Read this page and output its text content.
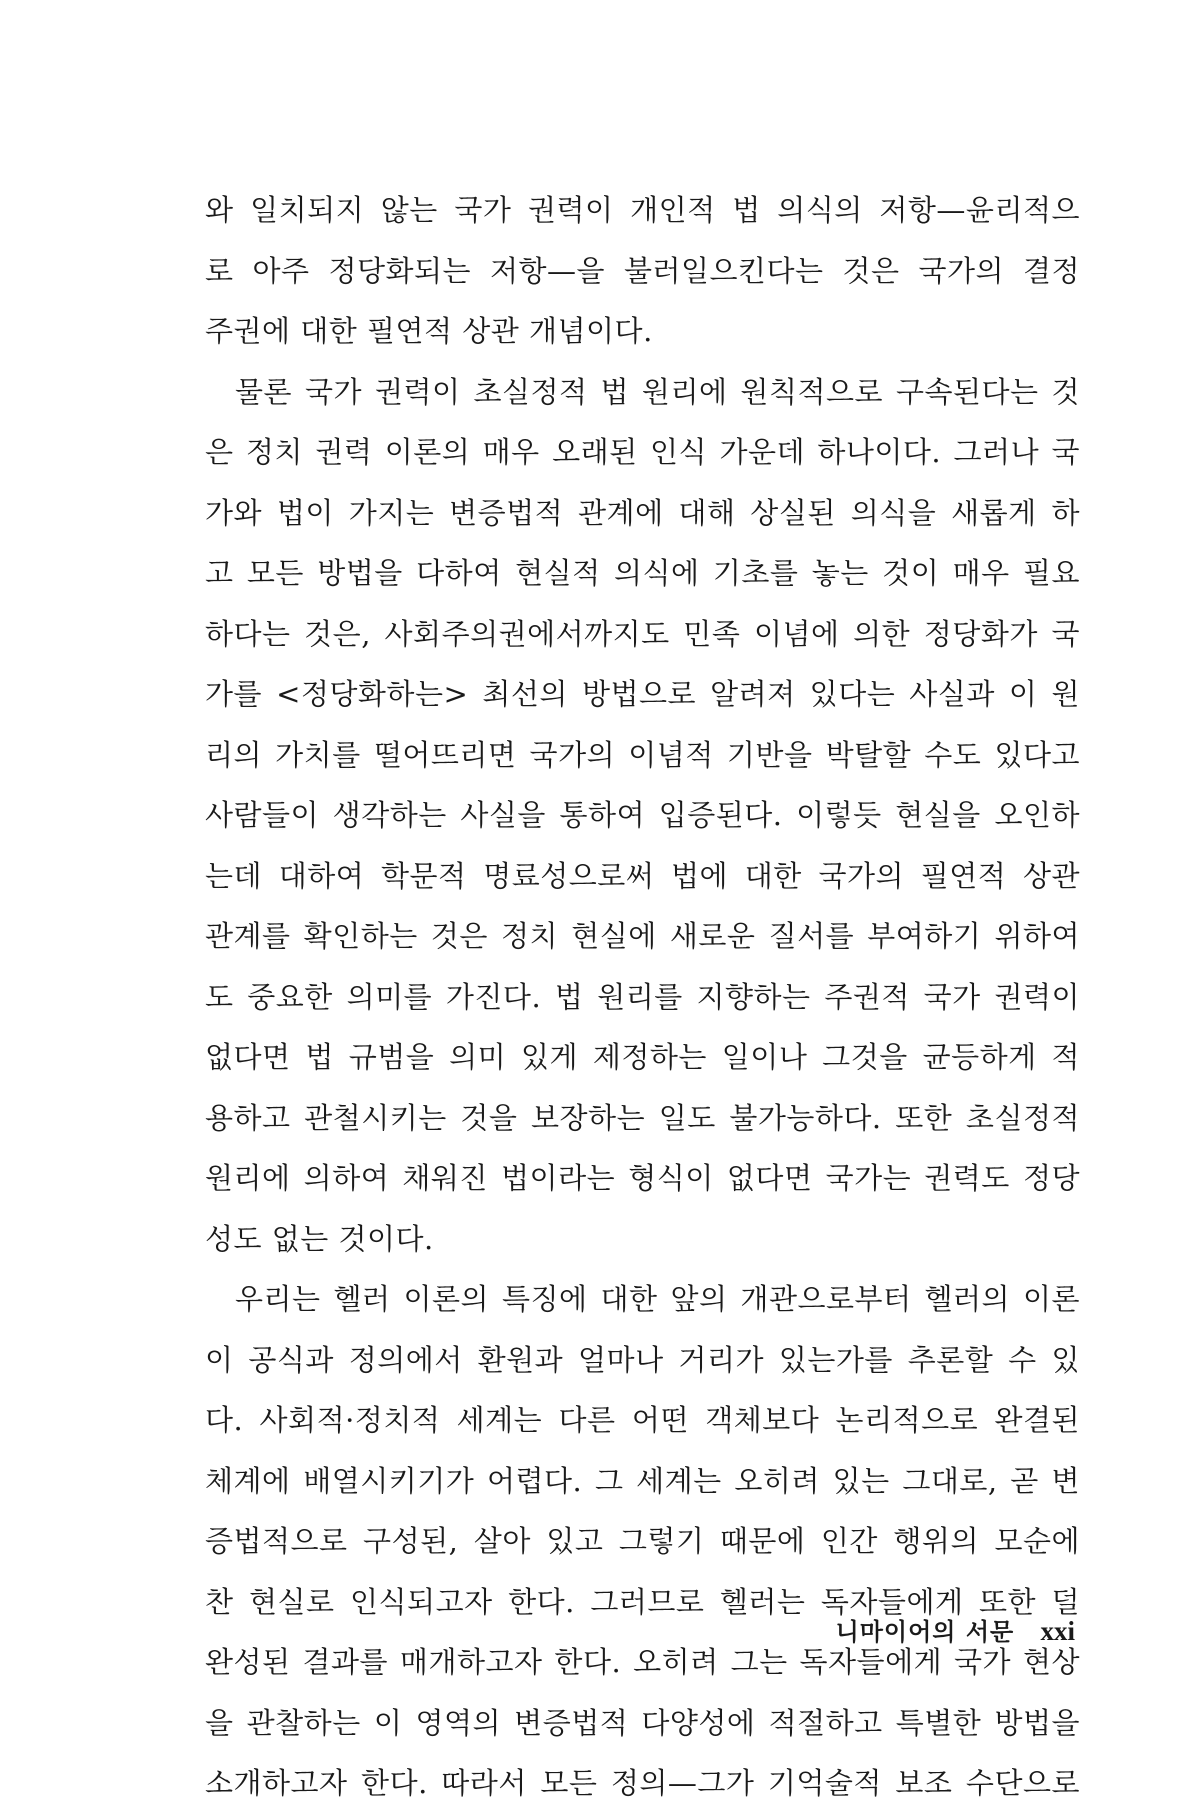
와 일치되지 않는 국가 권력이 개인적 법 의식의 저항—윤리적으
로 아주 정당화되는 저항—을 불러일으킨다는 것은 국가의 결정
주권에 대한 필연적 상관 개념이다.
물론 국가 권력이 초실정적 법 원리에 원칙적으로 구속된다는 것
은 정치 권력 이론의 매우 오래된 인식 가운데 하나이다. 그러나 국
가와 법이 가지는 변증법적 관계에 대해 상실된 의식을 새롭게 하
고 모든 방법을 다하여 현실적 의식에 기초를 놓는 것이 매우 필요
하다는 것은, 사회주의권에서까지도 민족 이념에 의한 정당화가 국
가를 <정당화하는> 최선의 방법으로 알려져 있다는 사실과 이 원
리의 가치를 떨어뜨리면 국가의 이념적 기반을 박탈할 수도 있다고
사람들이 생각하는 사실을 통하여 입증된다. 이렇듯 현실을 오인하
는데 대하여 학문적 명료성으로써 법에 대한 국가의 필연적 상관
관계를 확인하는 것은 정치 현실에 새로운 질서를 부여하기 위하여
도 중요한 의미를 가진다. 법 원리를 지향하는 주권적 국가 권력이
없다면 법 규범을 의미 있게 제정하는 일이나 그것을 균등하게 적
용하고 관철시키는 것을 보장하는 일도 불가능하다. 또한 초실정적
원리에 의하여 채워진 법이라는 형식이 없다면 국가는 권력도 정당
성도 없는 것이다.
우리는 헬러 이론의 특징에 대한 앞의 개관으로부터 헬러의 이론
이 공식과 정의에서 환원과 얼마나 거리가 있는가를 추론할 수 있
다. 사회적·정치적 세계는 다른 어떤 객체보다 논리적으로 완결된
체계에 배열시키기가 어렵다. 그 세계는 오히려 있는 그대로, 곧 변
증법적으로 구성된, 살아 있고 그렇기 때문에 인간 행위의 모순에
찬 현실로 인식되고자 한다. 그러므로 헬러는 독자들에게 또한 덜
완성된 결과를 매개하고자 한다. 오히려 그는 독자들에게 국가 현상
을 관찰하는 이 영역의 변증법적 다양성에 적절하고 특별한 방법을
소개하고자 한다. 따라서 모든 정의—그가 기억술적 보조 수단으로
니마이어의 서문 xxi
